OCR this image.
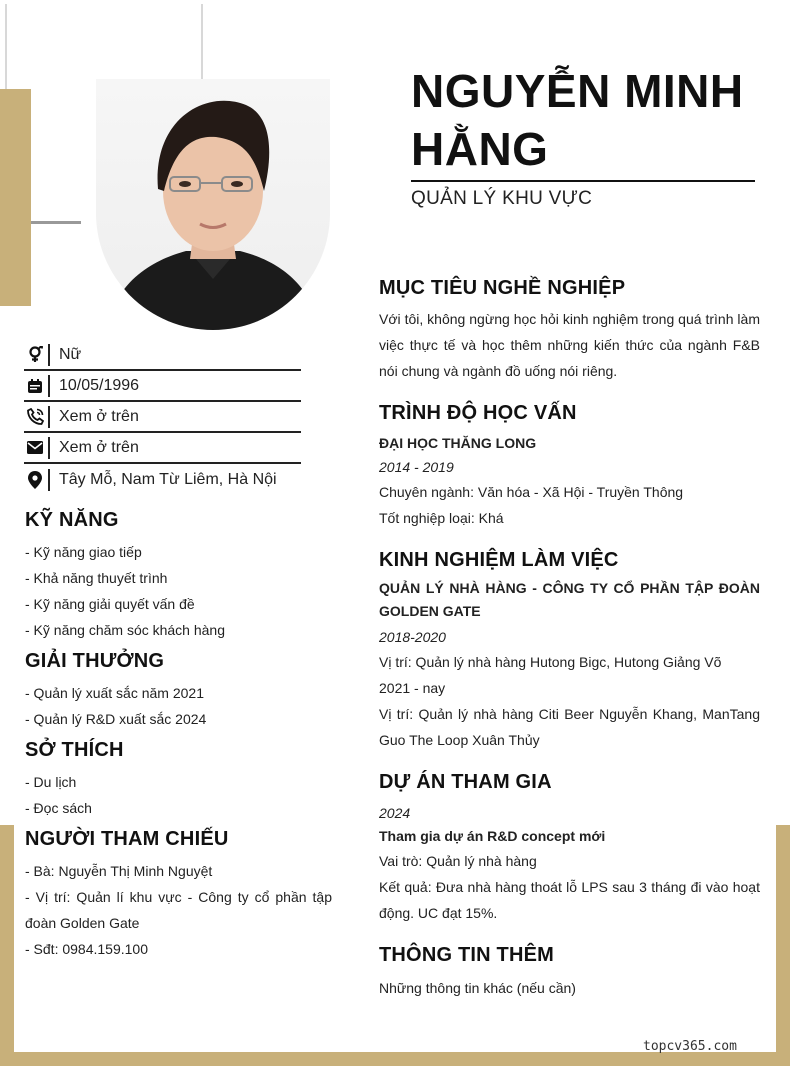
NGUYỄN MINH
HẰNG
QUẢN LÝ KHU VỰC
Nữ
10/05/1996
Xem ở trên
Xem ở trên
Tây Mỗ, Nam Từ Liêm, Hà Nội
KỸ NĂNG
- Kỹ năng giao tiếp
- Khả năng thuyết trình
- Kỹ năng giải quyết vấn đề
- Kỹ năng chăm sóc khách hàng
GIẢI THƯỞNG
- Quản lý xuất sắc năm 2021
- Quản lý R&D xuất sắc 2024
SỞ THÍCH
- Du lịch
- Đọc sách
NGƯỜI THAM CHIẾU
- Bà: Nguyễn Thị Minh Nguyệt
- Vị trí: Quản lí khu vực - Công ty cổ phần tập đoàn Golden Gate
- Sđt: 0984.159.100
MỤC TIÊU NGHỀ NGHIỆP
Với tôi, không ngừng học hỏi kinh nghiệm trong quá trình làm việc thực tế và học thêm những kiến thức của ngành F&B nói chung và ngành đồ uống nói riêng.
TRÌNH ĐỘ HỌC VẤN
ĐẠI HỌC THĂNG LONG
2014 - 2019
Chuyên ngành: Văn hóa - Xã Hội - Truyền Thông
Tốt nghiệp loại: Khá
KINH NGHIỆM LÀM VIỆC
QUẢN LÝ NHÀ HÀNG - CÔNG TY CỔ PHẦN TẬP ĐOÀN GOLDEN GATE
2018-2020
Vị trí: Quản lý nhà hàng Hutong Bigc, Hutong Giảng Võ
2021 - nay
Vị trí: Quản lý nhà hàng Citi Beer Nguyễn Khang, ManTang Guo The Loop Xuân Thủy
DỰ ÁN THAM GIA
2024
Tham gia dự án R&D concept mới
Vai trò: Quản lý nhà hàng
Kết quả: Đưa nhà hàng thoát lỗ LPS sau 3 tháng đi vào hoạt động. UC đạt 15%.
THÔNG TIN THÊM
Những thông tin khác (nếu cần)
topcv365.com
